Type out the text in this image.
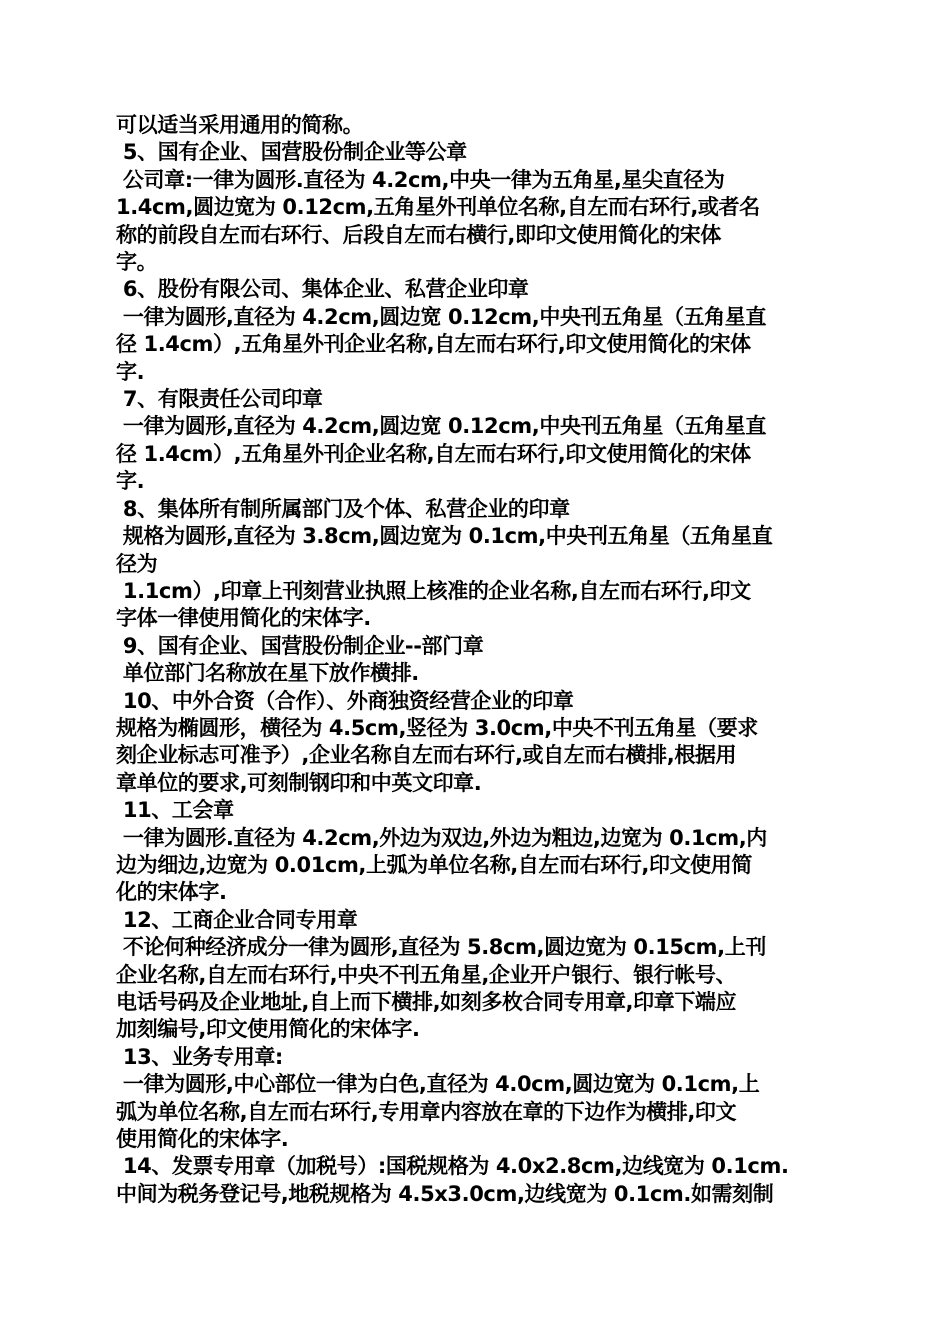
可以适当采用通用的简称。

5、国有企业、国营股份制企业等公章

公司章:一律为圆形.直径为 4.2cm,中央一律为五角星,星尖直径为

1.4cm,圆边宽为 0.12cm,五角星外刊单位名称,自左而右环行,或者名

称的前段自左而右环行、后段自左而右横行,即印文使用简化的宋体

字。

6、股份有限公司、集体企业、私营企业印章

一律为圆形,直径为 4.2cm,圆边宽 0.12cm,中央刊五角星（五角星直

径 1.4cm）,五角星外刊企业名称,自左而右环行,印文使用简化的宋体

字.

7、有限责任公司印章

一律为圆形,直径为 4.2cm,圆边宽 0.12cm,中央刊五角星（五角星直

径 1.4cm）,五角星外刊企业名称,自左而右环行,印文使用简化的宋体

字.

8、集体所有制所属部门及个体、私营企业的印章

规格为圆形,直径为 3.8cm,圆边宽为 0.1cm,中央刊五角星（五角星直

径为

1.1cm）,印章上刊刻营业执照上核准的企业名称,自左而右环行,印文

字体一律使用简化的宋体字.

9、国有企业、国营股份制企业--部门章

单位部门名称放在星下放作横排.

10、中外合资（合作）、外商独资经营企业的印章

规格为椭圆形，横径为 4.5cm,竖径为 3.0cm,中央不刊五角星（要求

刻企业标志可准予）,企业名称自左而右环行,或自左而右横排,根据用

章单位的要求,可刻制钢印和中英文印章.

11、工会章

一律为圆形.直径为 4.2cm,外边为双边,外边为粗边,边宽为 0.1cm,内

边为细边,边宽为 0.01cm,上弧为单位名称,自左而右环行,印文使用简

化的宋体字.

12、工商企业合同专用章

不论何种经济成分一律为圆形,直径为 5.8cm,圆边宽为 0.15cm,上刊

企业名称,自左而右环行,中央不刊五角星,企业开户银行、银行帐号、

电话号码及企业地址,自上而下横排,如刻多枚合同专用章,印章下端应

加刻编号,印文使用简化的宋体字.

13、业务专用章:

一律为圆形,中心部位一律为白色,直径为 4.0cm,圆边宽为 0.1cm,上

弧为单位名称,自左而右环行,专用章内容放在章的下边作为横排,印文

使用简化的宋体字.

14、发票专用章（加税号）:国税规格为 4.0x2.8cm,边线宽为 0.1cm.

中间为税务登记号,地税规格为 4.5x3.0cm,边线宽为 0.1cm.如需刻制
